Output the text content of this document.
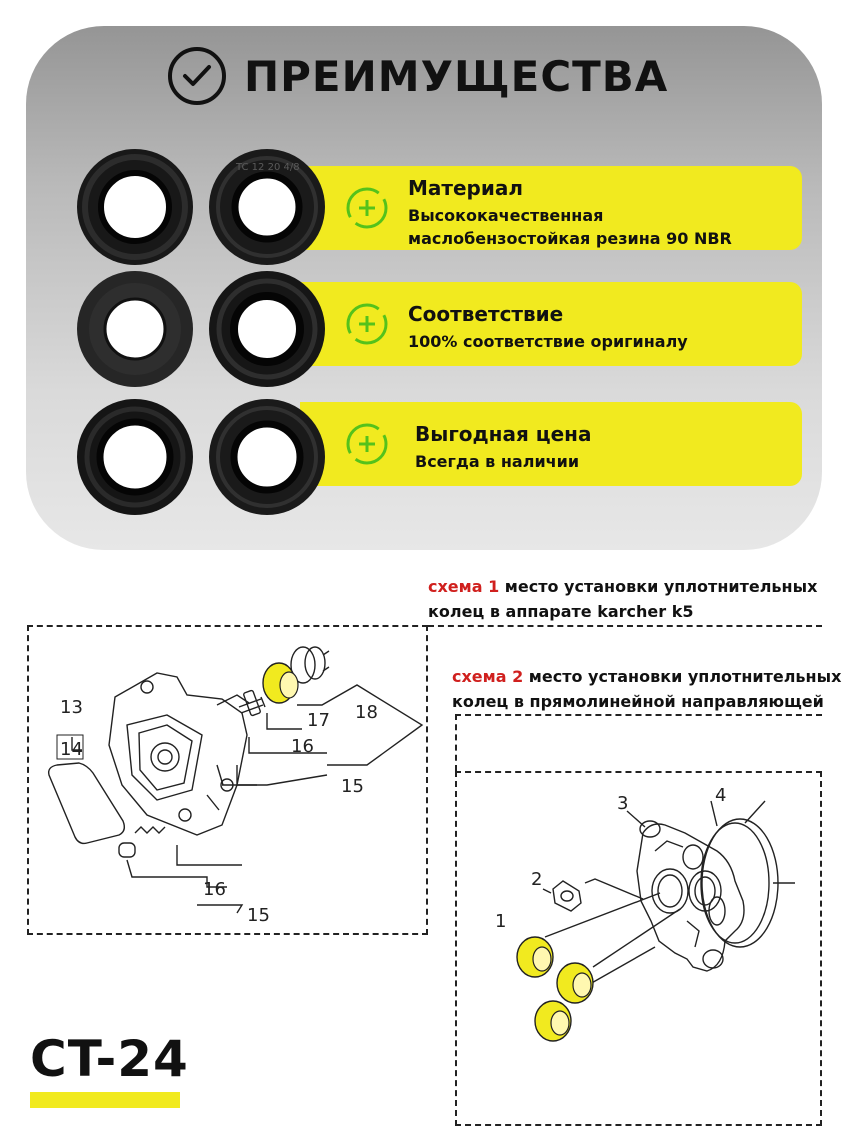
ПРЕИМУЩЕСТВА
Материал
Высококачественная маслобензостойкая резина 90 NBR
Соответствие
100% соответствие оригиналу
Выгодная цена
Всегда в наличии
TC 12 20 4/8
схема 1 место установки уплотнительных
колец в аппарате karcher k5
13
14
17 18
16
15
16
15
схема 2 место установки уплотнительных
колец в прямолинейной направляющей
1
2
3	4
CT-24
